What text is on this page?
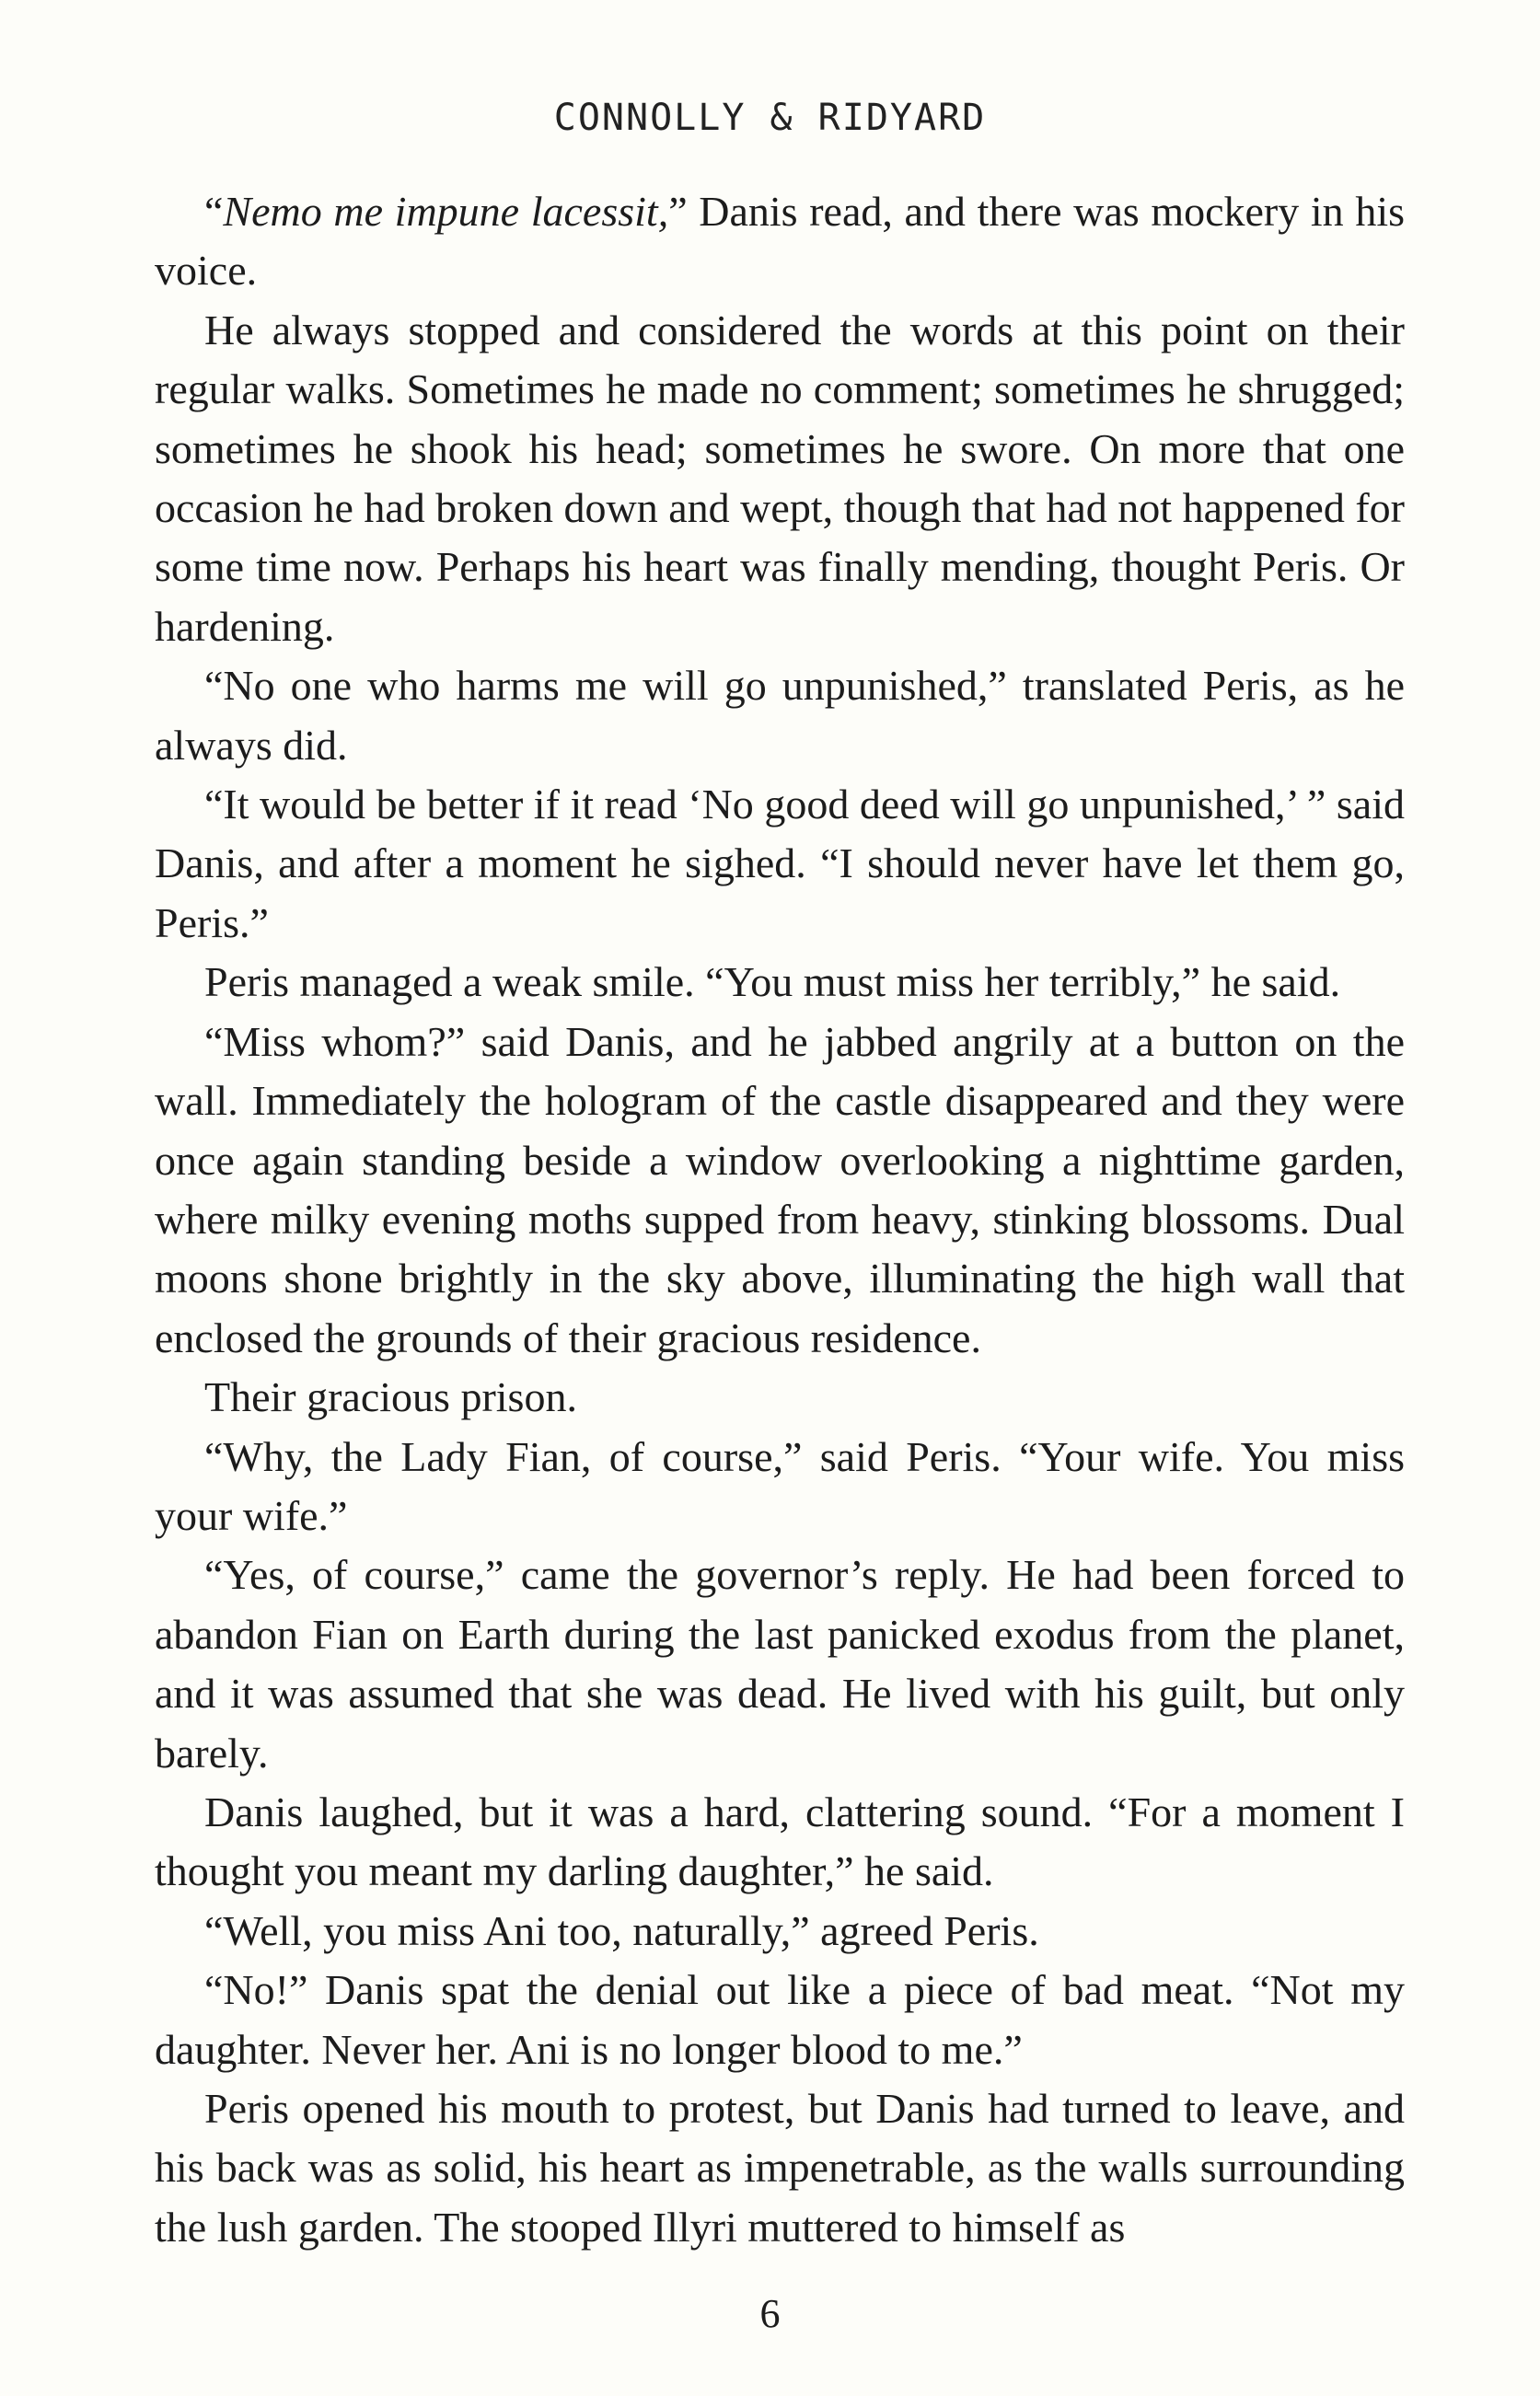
CONNOLLY & RIDYARD

“Nemo me impune lacessit,” Danis read, and there was mockery in his voice.

He always stopped and considered the words at this point on their regular walks. Sometimes he made no comment; sometimes he shrugged; sometimes he shook his head; sometimes he swore. On more that one occasion he had broken down and wept, though that had not happened for some time now. Perhaps his heart was finally mending, thought Peris. Or hardening.

“No one who harms me will go unpunished,” translated Peris, as he always did.

“It would be better if it read ‘No good deed will go unpunished,’ ” said Danis, and after a moment he sighed. “I should never have let them go, Peris.”

Peris managed a weak smile. “You must miss her terribly,” he said.

“Miss whom?” said Danis, and he jabbed angrily at a button on the wall. Immediately the hologram of the castle disappeared and they were once again standing beside a window overlooking a nighttime garden, where milky evening moths supped from heavy, stinking blossoms. Dual moons shone brightly in the sky above, illuminating the high wall that enclosed the grounds of their gracious residence.

Their gracious prison.

“Why, the Lady Fian, of course,” said Peris. “Your wife. You miss your wife.”

“Yes, of course,” came the governor’s reply. He had been forced to abandon Fian on Earth during the last panicked exodus from the planet, and it was assumed that she was dead. He lived with his guilt, but only barely.

Danis laughed, but it was a hard, clattering sound. “For a moment I thought you meant my darling daughter,” he said.

“Well, you miss Ani too, naturally,” agreed Peris.

“No!” Danis spat the denial out like a piece of bad meat. “Not my daughter. Never her. Ani is no longer blood to me.”

Peris opened his mouth to protest, but Danis had turned to leave, and his back was as solid, his heart as impenetrable, as the walls surrounding the lush garden. The stooped Illyri muttered to himself as

6
